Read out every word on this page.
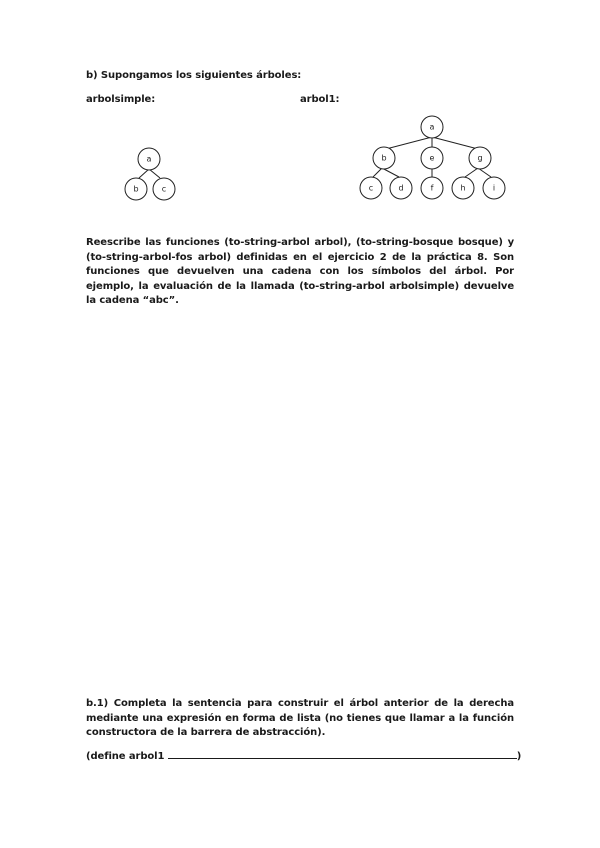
b) Supongamos los siguientes árboles:
arbolsimple:	arbol1:
a
b	c
a
b	e	g
c	d	f	h	i
Reescribe las funciones (to-string-arbol arbol), (to-string-bosque bosque) y (to-string-arbol-fos arbol) definidas en el ejercicio 2 de la práctica 8. Son funciones que devuelven una cadena con los símbolos del árbol. Por ejemplo, la evaluación de la llamada (to-string-arbol arbolsimple) devuelve la cadena “abc”.
b.1) Completa la sentencia para construir el árbol anterior de la derecha mediante una expresión en forma de lista (no tienes que llamar a la función constructora de la barrera de abstracción).
(define arbol1	)
